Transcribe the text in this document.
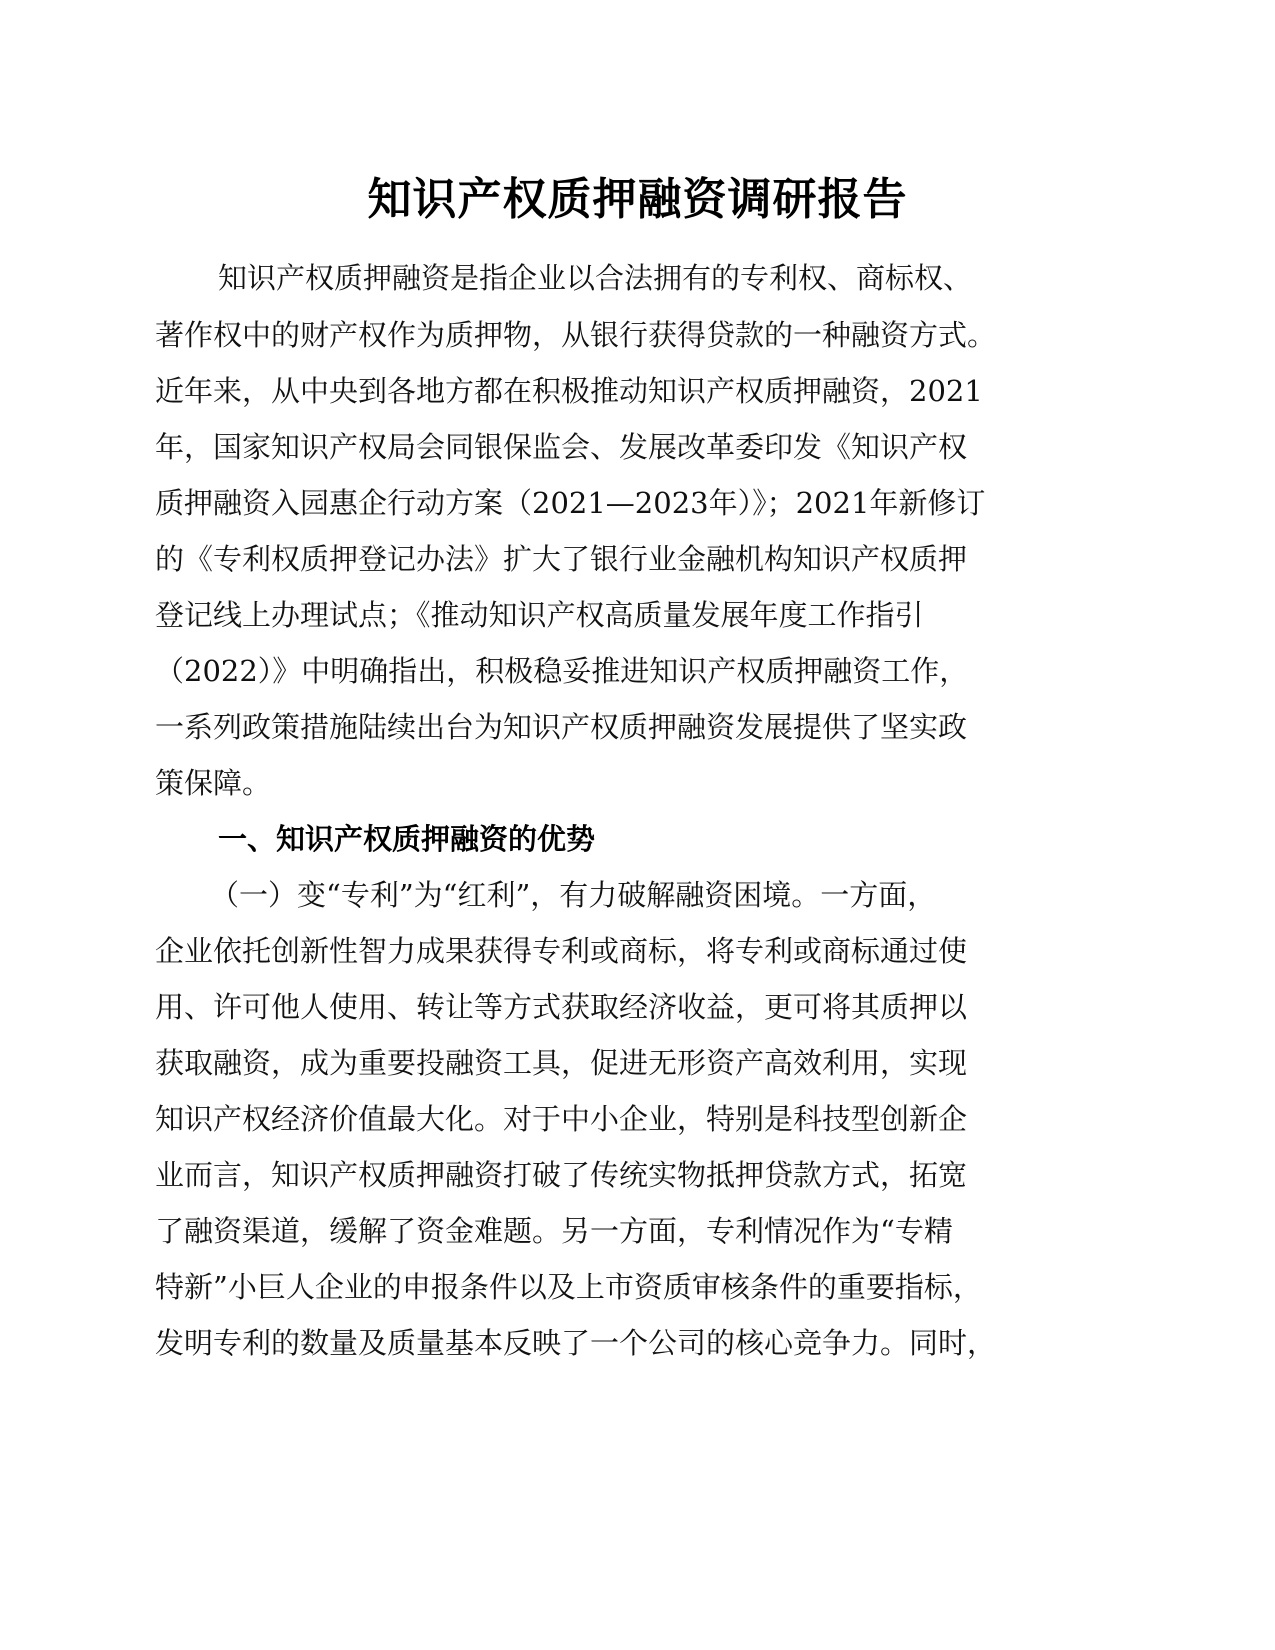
知识产权质押融资调研报告
知识产权质押融资是指企业以合法拥有的专利权、商标权、
著作权中的财产权作为质押物，从银行获得贷款的一种融资方式。
近年来，从中央到各地方都在积极推动知识产权质押融资，2021
年，国家知识产权局会同银保监会、发展改革委印发《知识产权
质押融资入园惠企行动方案（2021—2023年）》；2021年新修订
的《专利权质押登记办法》扩大了银行业金融机构知识产权质押
登记线上办理试点；《推动知识产权高质量发展年度工作指引
（2022）》中明确指出，积极稳妥推进知识产权质押融资工作，
一系列政策措施陆续出台为知识产权质押融资发展提供了坚实政
策保障。
一、知识产权质押融资的优势
（一）变“专利”为“红利”，有力破解融资困境。一方面，
企业依托创新性智力成果获得专利或商标，将专利或商标通过使
用、许可他人使用、转让等方式获取经济收益，更可将其质押以
获取融资，成为重要投融资工具，促进无形资产高效利用，实现
知识产权经济价值最大化。对于中小企业，特别是科技型创新企
业而言，知识产权质押融资打破了传统实物抵押贷款方式，拓宽
了融资渠道，缓解了资金难题。另一方面，专利情况作为“专精
特新”小巨人企业的申报条件以及上市资质审核条件的重要指标，
发明专利的数量及质量基本反映了一个公司的核心竞争力。同时，
